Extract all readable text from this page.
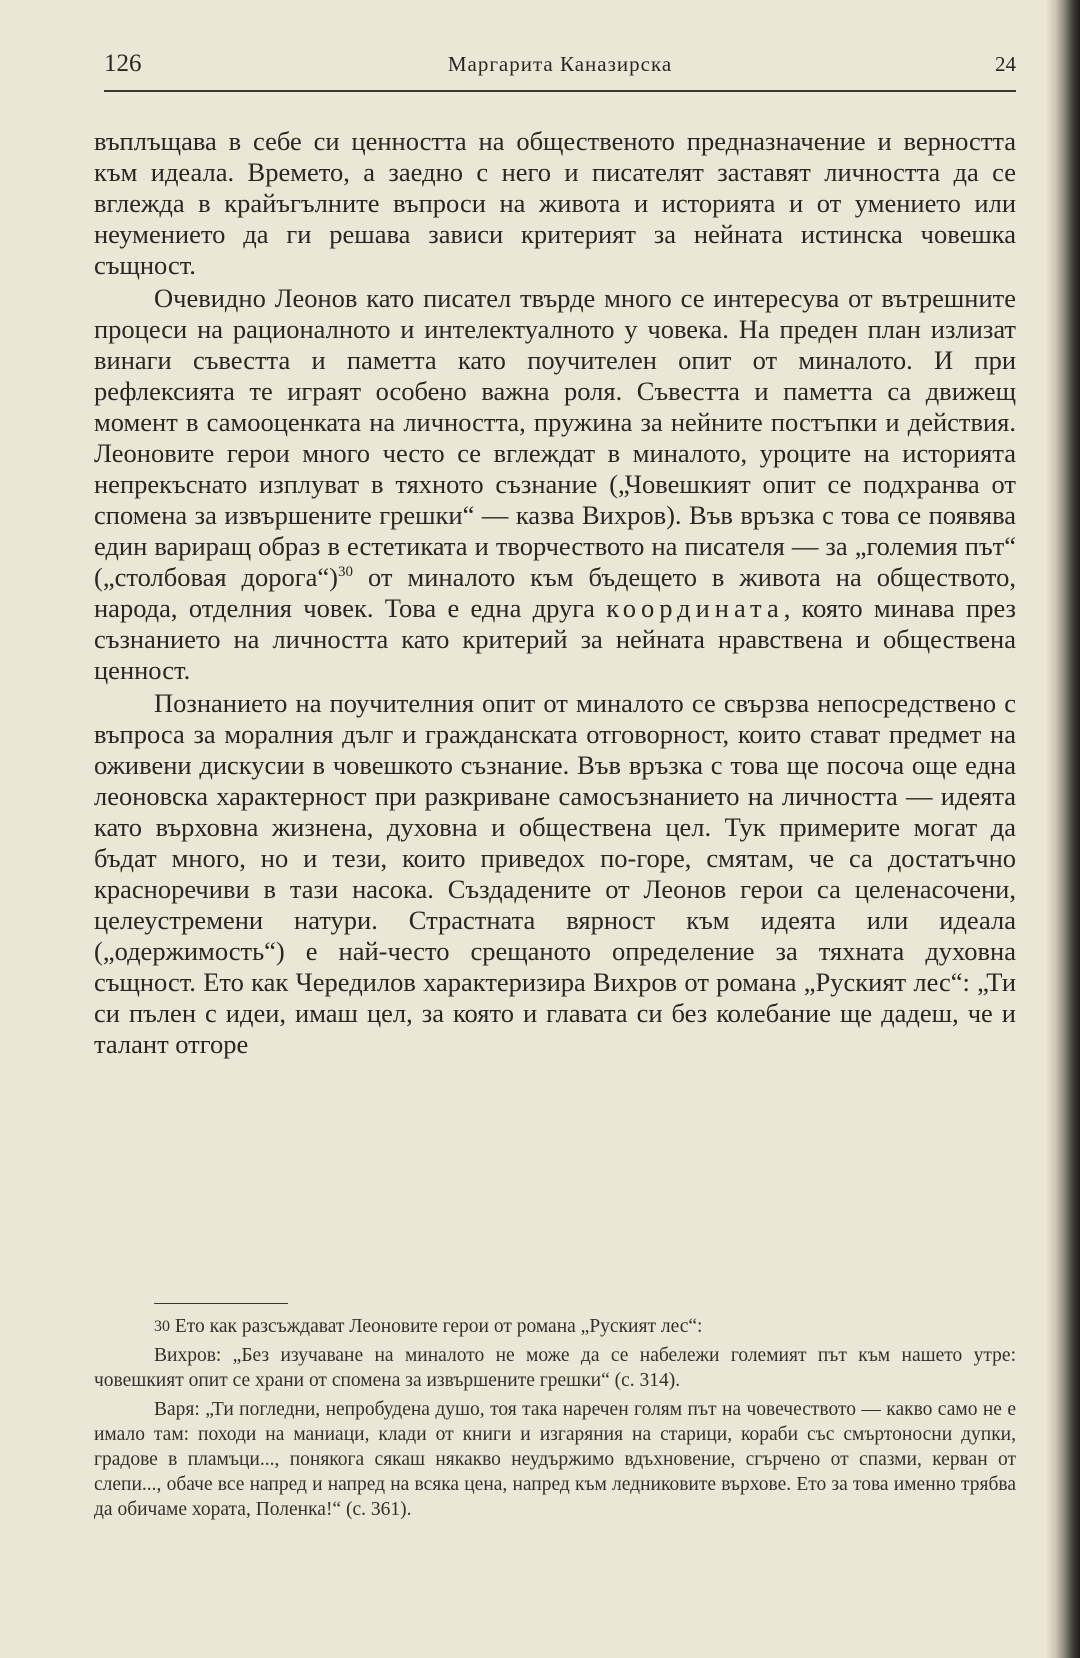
126	Маргарита Каназирска	24

въплъщава в себе си ценността на общественото предназначение и верността към идеала. Времето, а заедно с него и писателят заставят личността да се вглежда в крайъгълните въпроси на живота и историята и от умението или неумението да ги решава зависи критерият за нейната истинска човешка същност.

Очевидно Леонов като писател твърде много се интересува от вътрешните процеси на рационалното и интелектуалното у човека. На преден план излизат винаги съвестта и паметта като поучителен опит от миналото. И при рефлексията те играят особено важна роля. Съвестта и паметта са движещ момент в самооценката на личността, пружина за нейните постъпки и действия. Леоновите герои много често се вглеждат в миналото, уроците на историята непрекъснато изплуват в тяхното съзнание („Човешкият опит се подхранва от спомена за извършените грешки“ — казва Вихров). Във връзка с това се появява един вариращ образ в естетиката и творчеството на писателя — за „големия път“ („столбовая дорога“)$^{30}$ от миналото към бъдещето в живота на обществото, народа, отделния човек. Това е една друга координата, която минава през съзнанието на личността като критерий за нейната нравствена и обществена ценност.

Познанието на поучителния опит от миналото се свързва непосредствено с въпроса за моралния дълг и гражданската отговорност, които стават предмет на оживени дискусии в човешкото съзнание. Във връзка с това ще посоча още една леоновска характерност при разкриване самосъзнанието на личността — идеята като върховна жизнена, духовна и обществена цел. Тук примерите могат да бъдат много, но и тези, които приведох по-горе, смятам, че са достатъчно красноречиви в тази насока. Създадените от Леонов герои са целенасочени, целеустремени натури. Страстната вярност към идеята или идеала („одержимость“) е най-често срещаното определение за тяхната духовна същност. Ето как Чередилов характеризира Вихров от романа „Руският лес“: „Ти си пълен с идеи, имаш цел, за която и главата си без колебание ще дадеш, че и талант отгоре

$^{30}$ Ето как разсъждават Леоновите герои от романа „Руският лес“:

Вихров: „Без изучаване на миналото не може да се набележи големият път към нашето утре: човешкият опит се храни от спомена за извършените грешки“ (с. 314).

Варя: „Ти погледни, непробудена душо, тоя така наречен голям път на човечеството — какво само не е имало там: походи на маниаци, клади от книги и изгаряния на старици, кораби със смъртоносни дупки, градове в пламъци..., понякога сякаш някакво неудържимо вдъхновение, сгърчено от спазми, керван от слепи..., обаче все напред и напред на всяка цена, напред към ледниковите върхове. Ето за това именно трябва да обичаме хората, Поленка!“ (с. 361).
